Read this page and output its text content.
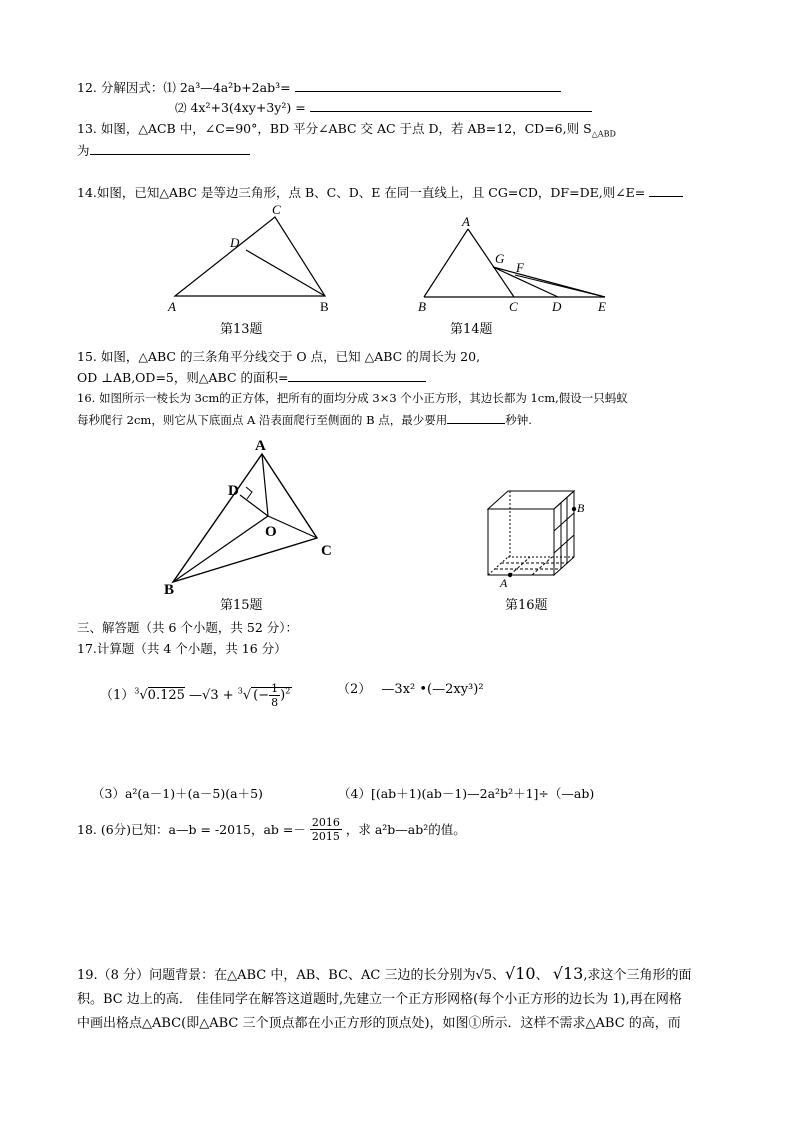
12. 分解因式：⑴ 2a³—4a²b+2ab³=
⑵ 4x²+3(4xy+3y²) =
13. 如图，△ACB 中，∠C=90°，BD 平分∠ABC 交 AC 于点 D，若 AB=12，CD=6,则 $S_{\triangle ABD}$
为
14.如图，已知△ABC 是等边三角形，点 B、C、D、E 在同一直线上，且 CG=CD，DF=DE,则∠E=
C
D
A	B
第13题
A
G
F
B	C	D	E
第14题
15. 如图，△ABC 的三条角平分线交于 O 点，已知 △ABC 的周长为 20,
OD ⊥AB,OD=5，则△ABC 的面积=
16. 如图所示一棱长为 3cm的正方体，把所有的面均分成 3×3 个小正方形，其边长都为 1cm,假设一只蚂蚁
每秒爬行 2cm，则它从下底面点 A 沿表面爬行至侧面的 B 点，最少要用	秒钟.
A
D
O
C
B
第15题
B
A
第16题
三、解答题（共 6 个小题，共 52 分）：
17.计算题（共 4 个小题，共 16 分）
$(1)^3√0.125$ —√3 + $^3$√ (− $\frac{1}{8} )^2$	（2） —3x² •(—2xy³)²
（3）a²(a－1)＋(a－5)(a＋5)	（4）[(ab＋1)(ab－1)—2a²b²＋1]÷（—ab)
18. (6分)已知：a—b = -2015，ab =－ $\frac{2016}{2015}$ ，求 a²b—ab²的值。
19.（8 分）问题背景：在△ABC 中，AB、BC、AC 三边的长分别为√5、√10、 √13,求这个三角形的面
积。BC 边上的高． 佳佳同学在解答这道题时,先建立一个正方形网格(每个小正方形的边长为 1),再在网格
中画出格点△ABC(即△ABC 三个顶点都在小正方形的顶点处)，如图①所示．这样不需求△ABC 的高，而
